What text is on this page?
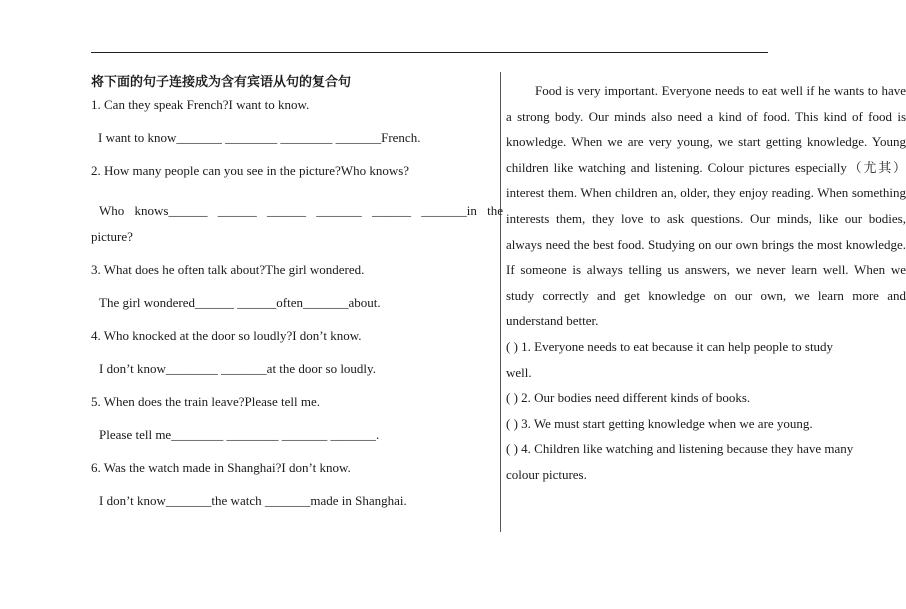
将下面的句子连接成为含有宾语从句的复合句
1. Can they speak French?I want to know.
I want to know_______ ________ ________ _______French.
2. How many people can you see in the picture?Who knows?
Who knows______ ______ ______ _______ ______ _______in the
picture?
3. What does he often talk about?The girl wondered.
The girl wondered______ ______often_______about.
4. Who knocked at the door so loudly?I don’t know.
I don’t know________ _______at the door so loudly.
5. When does the train leave?Please tell me.
Please tell me________ ________ _______ _______.
6. Was the watch made in Shanghai?I don’t know.
I don’t know_______the watch _______made in Shanghai.

Food is very important. Everyone needs to eat well if he wants to have a strong body. Our minds also need a kind of food. This kind of food is knowledge. When we are very young, we start getting knowledge. Young children like watching and listening. Colour pictures especially（尤其）interest them. When children an, older, they enjoy reading. When something interests them, they love to ask questions. Our minds, like our bodies, always need the best food. Studying on our own brings the most knowledge. If someone is always telling us answers, we never learn well. When we study correctly and get knowledge on our own, we learn more and understand better.

( ) 1. Everyone needs to eat because it can help people to study

well.

( ) 2. Our bodies need different kinds of books.

( ) 3. We must start getting knowledge when we are young.

( ) 4. Children like watching and listening because they have many

colour pictures.
